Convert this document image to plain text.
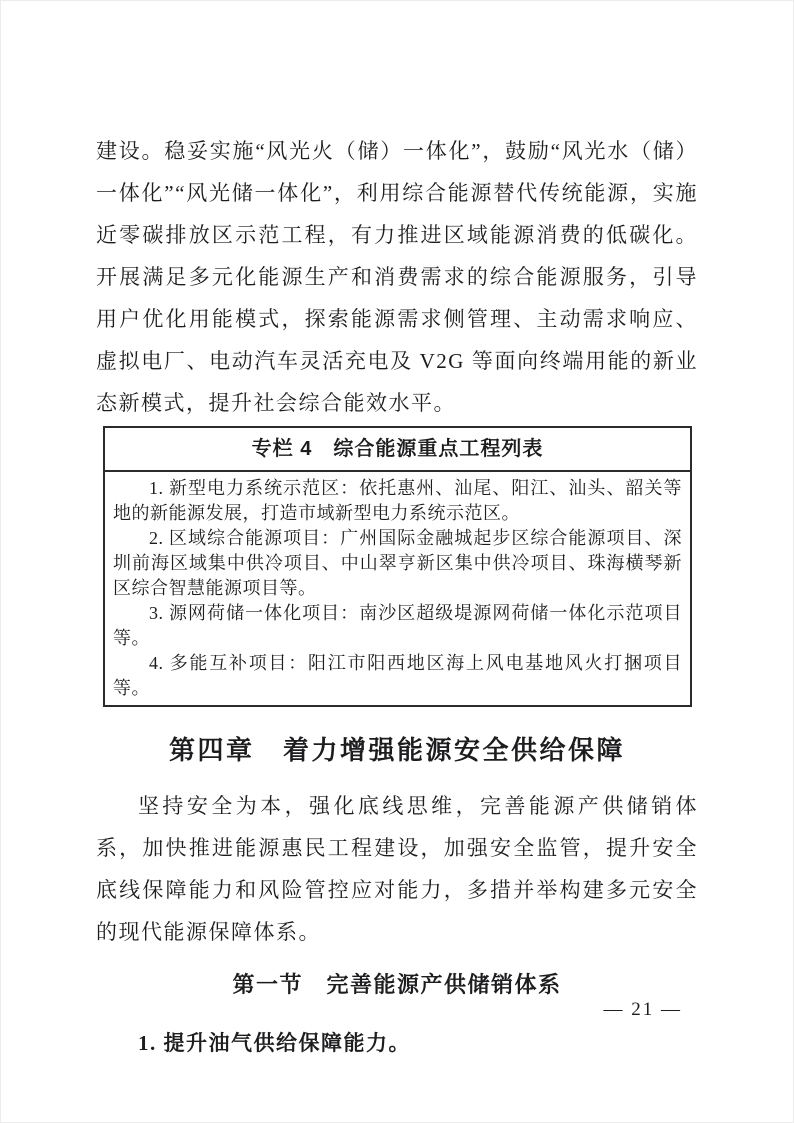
建设。稳妥实施“风光火（储）一体化”，鼓励“风光水（储）一体化”“风光储一体化”，利用综合能源替代传统能源，实施近零碳排放区示范工程，有力推进区域能源消费的低碳化。开展满足多元化能源生产和消费需求的综合能源服务，引导用户优化用能模式，探索能源需求侧管理、主动需求响应、虚拟电厂、电动汽车灵活充电及 V2G 等面向终端用能的新业态新模式，提升社会综合能效水平。

专栏 4　综合能源重点工程列表

1. 新型电力系统示范区：依托惠州、汕尾、阳江、汕头、韶关等地的新能源发展，打造市域新型电力系统示范区。

2. 区域综合能源项目：广州国际金融城起步区综合能源项目、深圳前海区域集中供冷项目、中山翠亨新区集中供冷项目、珠海横琴新区综合智慧能源项目等。

3. 源网荷储一体化项目：南沙区超级堤源网荷储一体化示范项目等。

4. 多能互补项目：阳江市阳西地区海上风电基地风火打捆项目等。

第四章　着力增强能源安全供给保障

坚持安全为本，强化底线思维，完善能源产供储销体系，加快推进能源惠民工程建设，加强安全监管，提升安全底线保障能力和风险管控应对能力，多措并举构建多元安全的现代能源保障体系。

第一节　完善能源产供储销体系

1. 提升油气供给保障能力。

— 21 —
